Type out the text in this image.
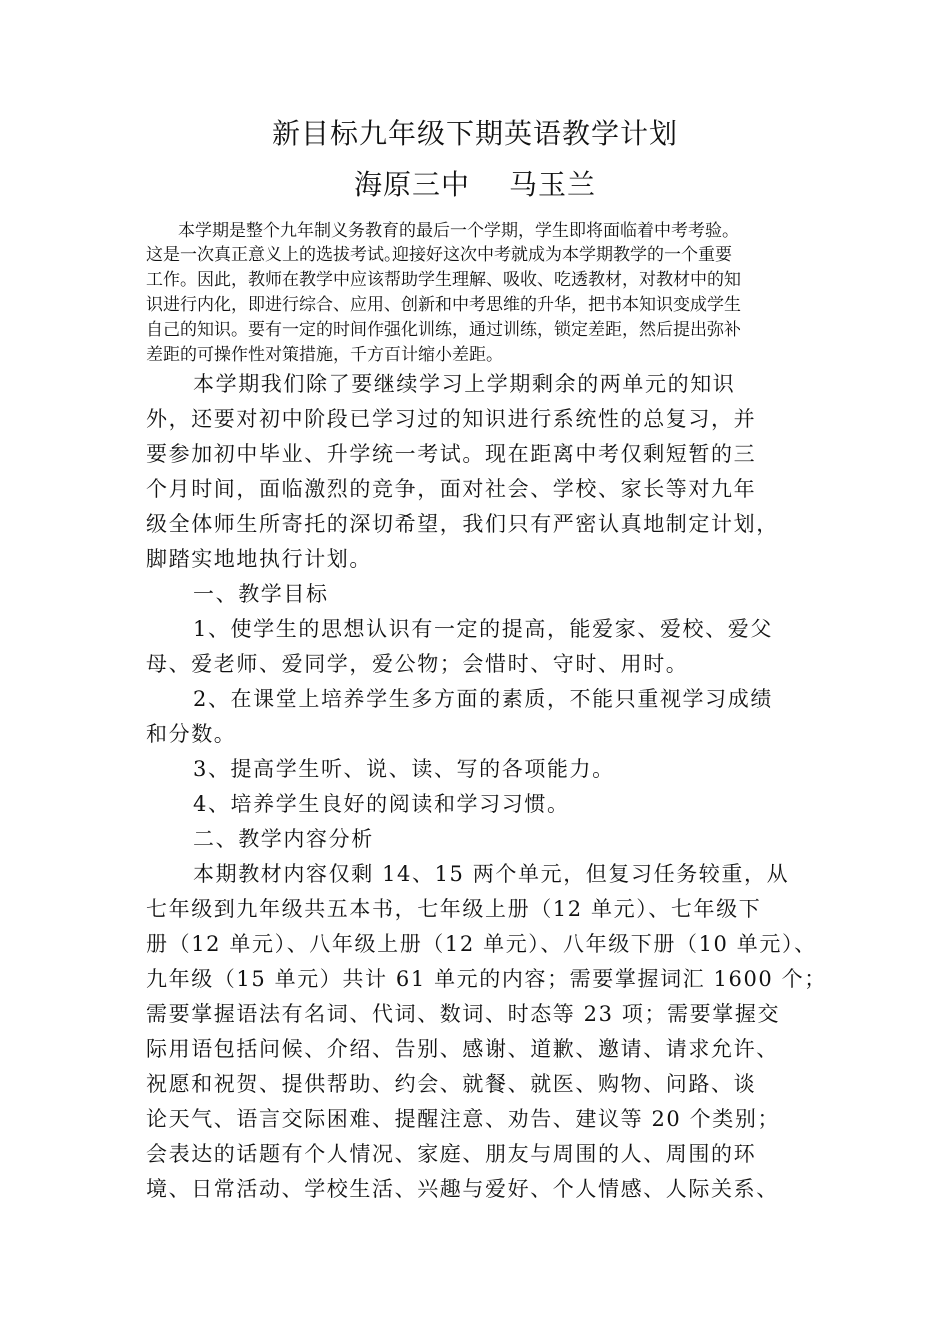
新目标九年级下期英语教学计划
海原三中　 马玉兰
本学期是整个九年制义务教育的最后一个学期，学生即将面临着中考考验。
这是一次真正意义上的选拔考试。
迎接好这次中考就成为本学期教学的一个重要
工作。因此，教师在教学中应该帮助学生理解、吸收、吃透教材，对教材中的知
识进行内化，即进行综合、应用、创新和中考思维的升华，把书本知识变成学生
自己的知识。要有一定的时间作强化训练，通过训练，锁定差距，然后提出弥补
差距的可操作性对策措施，千方百计缩小差距。
本学期我们除了要继续学习上学期剩余的两单元的知识
外，还要对初中阶段已学习过的知识进行系统性的总复习，并
要参加初中毕业、升学统一考试。现在距离中考仅剩短暂的三
个月时间，面临激烈的竞争，面对社会、学校、家长等对九年
级全体师生所寄托的深切希望，我们只有严密认真地制定计划，
脚踏实地地执行计划。
一、教学目标
1、使学生的思想认识有一定的提高，能爱家、爱校、爱父
母、爱老师、爱同学，爱公物；会惜时、守时、用时。
2、在课堂上培养学生多方面的素质，不能只重视学习成绩
和分数。
3、提高学生听、说、读、写的各项能力。
4、培养学生良好的阅读和学习习惯。
二、教学内容分析
本期教材内容仅剩 14、15 两个单元，但复习任务较重，从
七年级到九年级共五本书，七年级上册（12 单元）、七年级下
册（12 单元）、八年级上册（12 单元）、八年级下册（10 单元）、
九年级（15 单元）共计 61 单元的内容；需要掌握词汇 1600 个；
需要掌握语法有名词、代词、数词、时态等 23 项；需要掌握交
际用语包括问候、介绍、告别、感谢、道歉、邀请、请求允许、
祝愿和祝贺、提供帮助、约会、就餐、就医、购物、问路、谈
论天气、语言交际困难、提醒注意、劝告、建议等 20 个类别；
会表达的话题有个人情况、家庭、朋友与周围的人、周围的环
境、日常活动、学校生活、兴趣与爱好、个人情感、人际关系、
